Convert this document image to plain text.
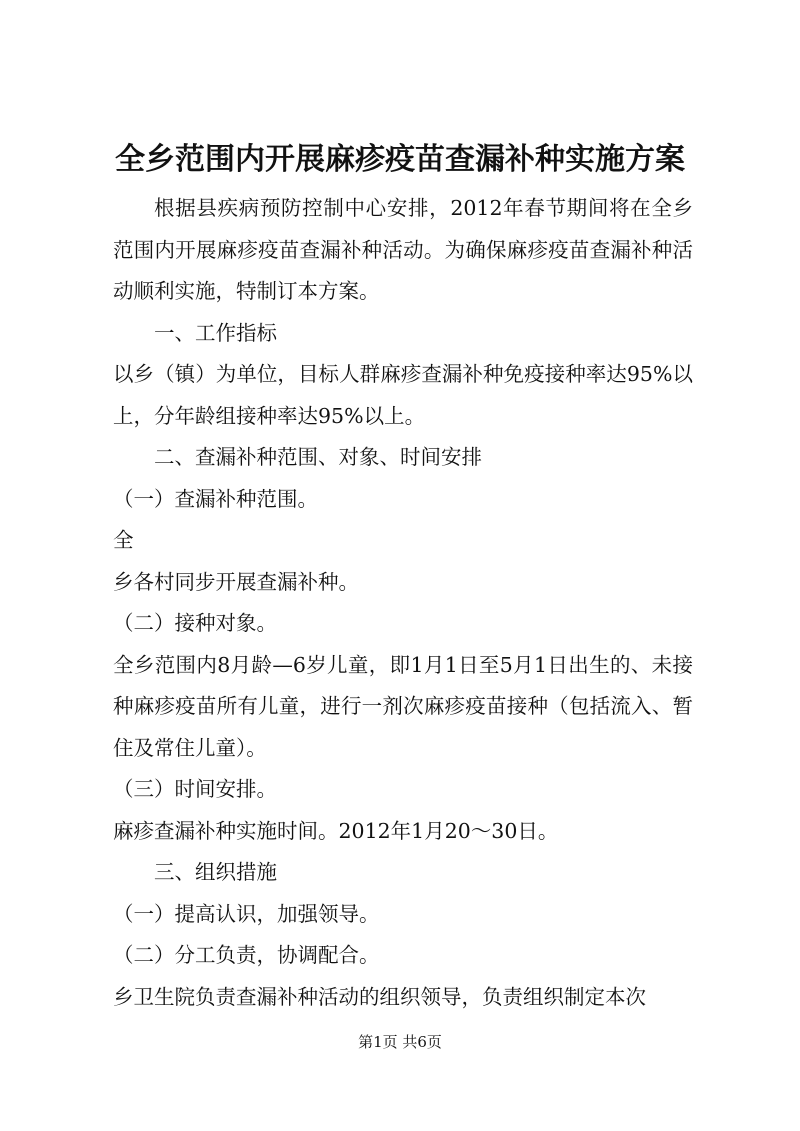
全乡范围内开展麻疹疫苗查漏补种实施方案

根据县疾病预防控制中心安排，2012年春节期间将在全乡范围内开展麻疹疫苗查漏补种活动。为确保麻疹疫苗查漏补种活动顺利实施，特制订本方案。

一、工作指标

以乡（镇）为单位，目标人群麻疹查漏补种免疫接种率达95%以上，分年龄组接种率达95%以上。

二、查漏补种范围、对象、时间安排

（一）查漏补种范围。

全

乡各村同步开展查漏补种。

（二）接种对象。

全乡范围内8月龄—6岁儿童，即1月1日至5月1日出生的、未接种麻疹疫苗所有儿童，进行一剂次麻疹疫苗接种（包括流入、暂住及常住儿童）。

（三）时间安排。

麻疹查漏补种实施时间。2012年1月20～30日。

三、组织措施

（一）提高认识，加强领导。

（二）分工负责，协调配合。

乡卫生院负责查漏补种活动的组织领导，负责组织制定本次

第1页 共6页
